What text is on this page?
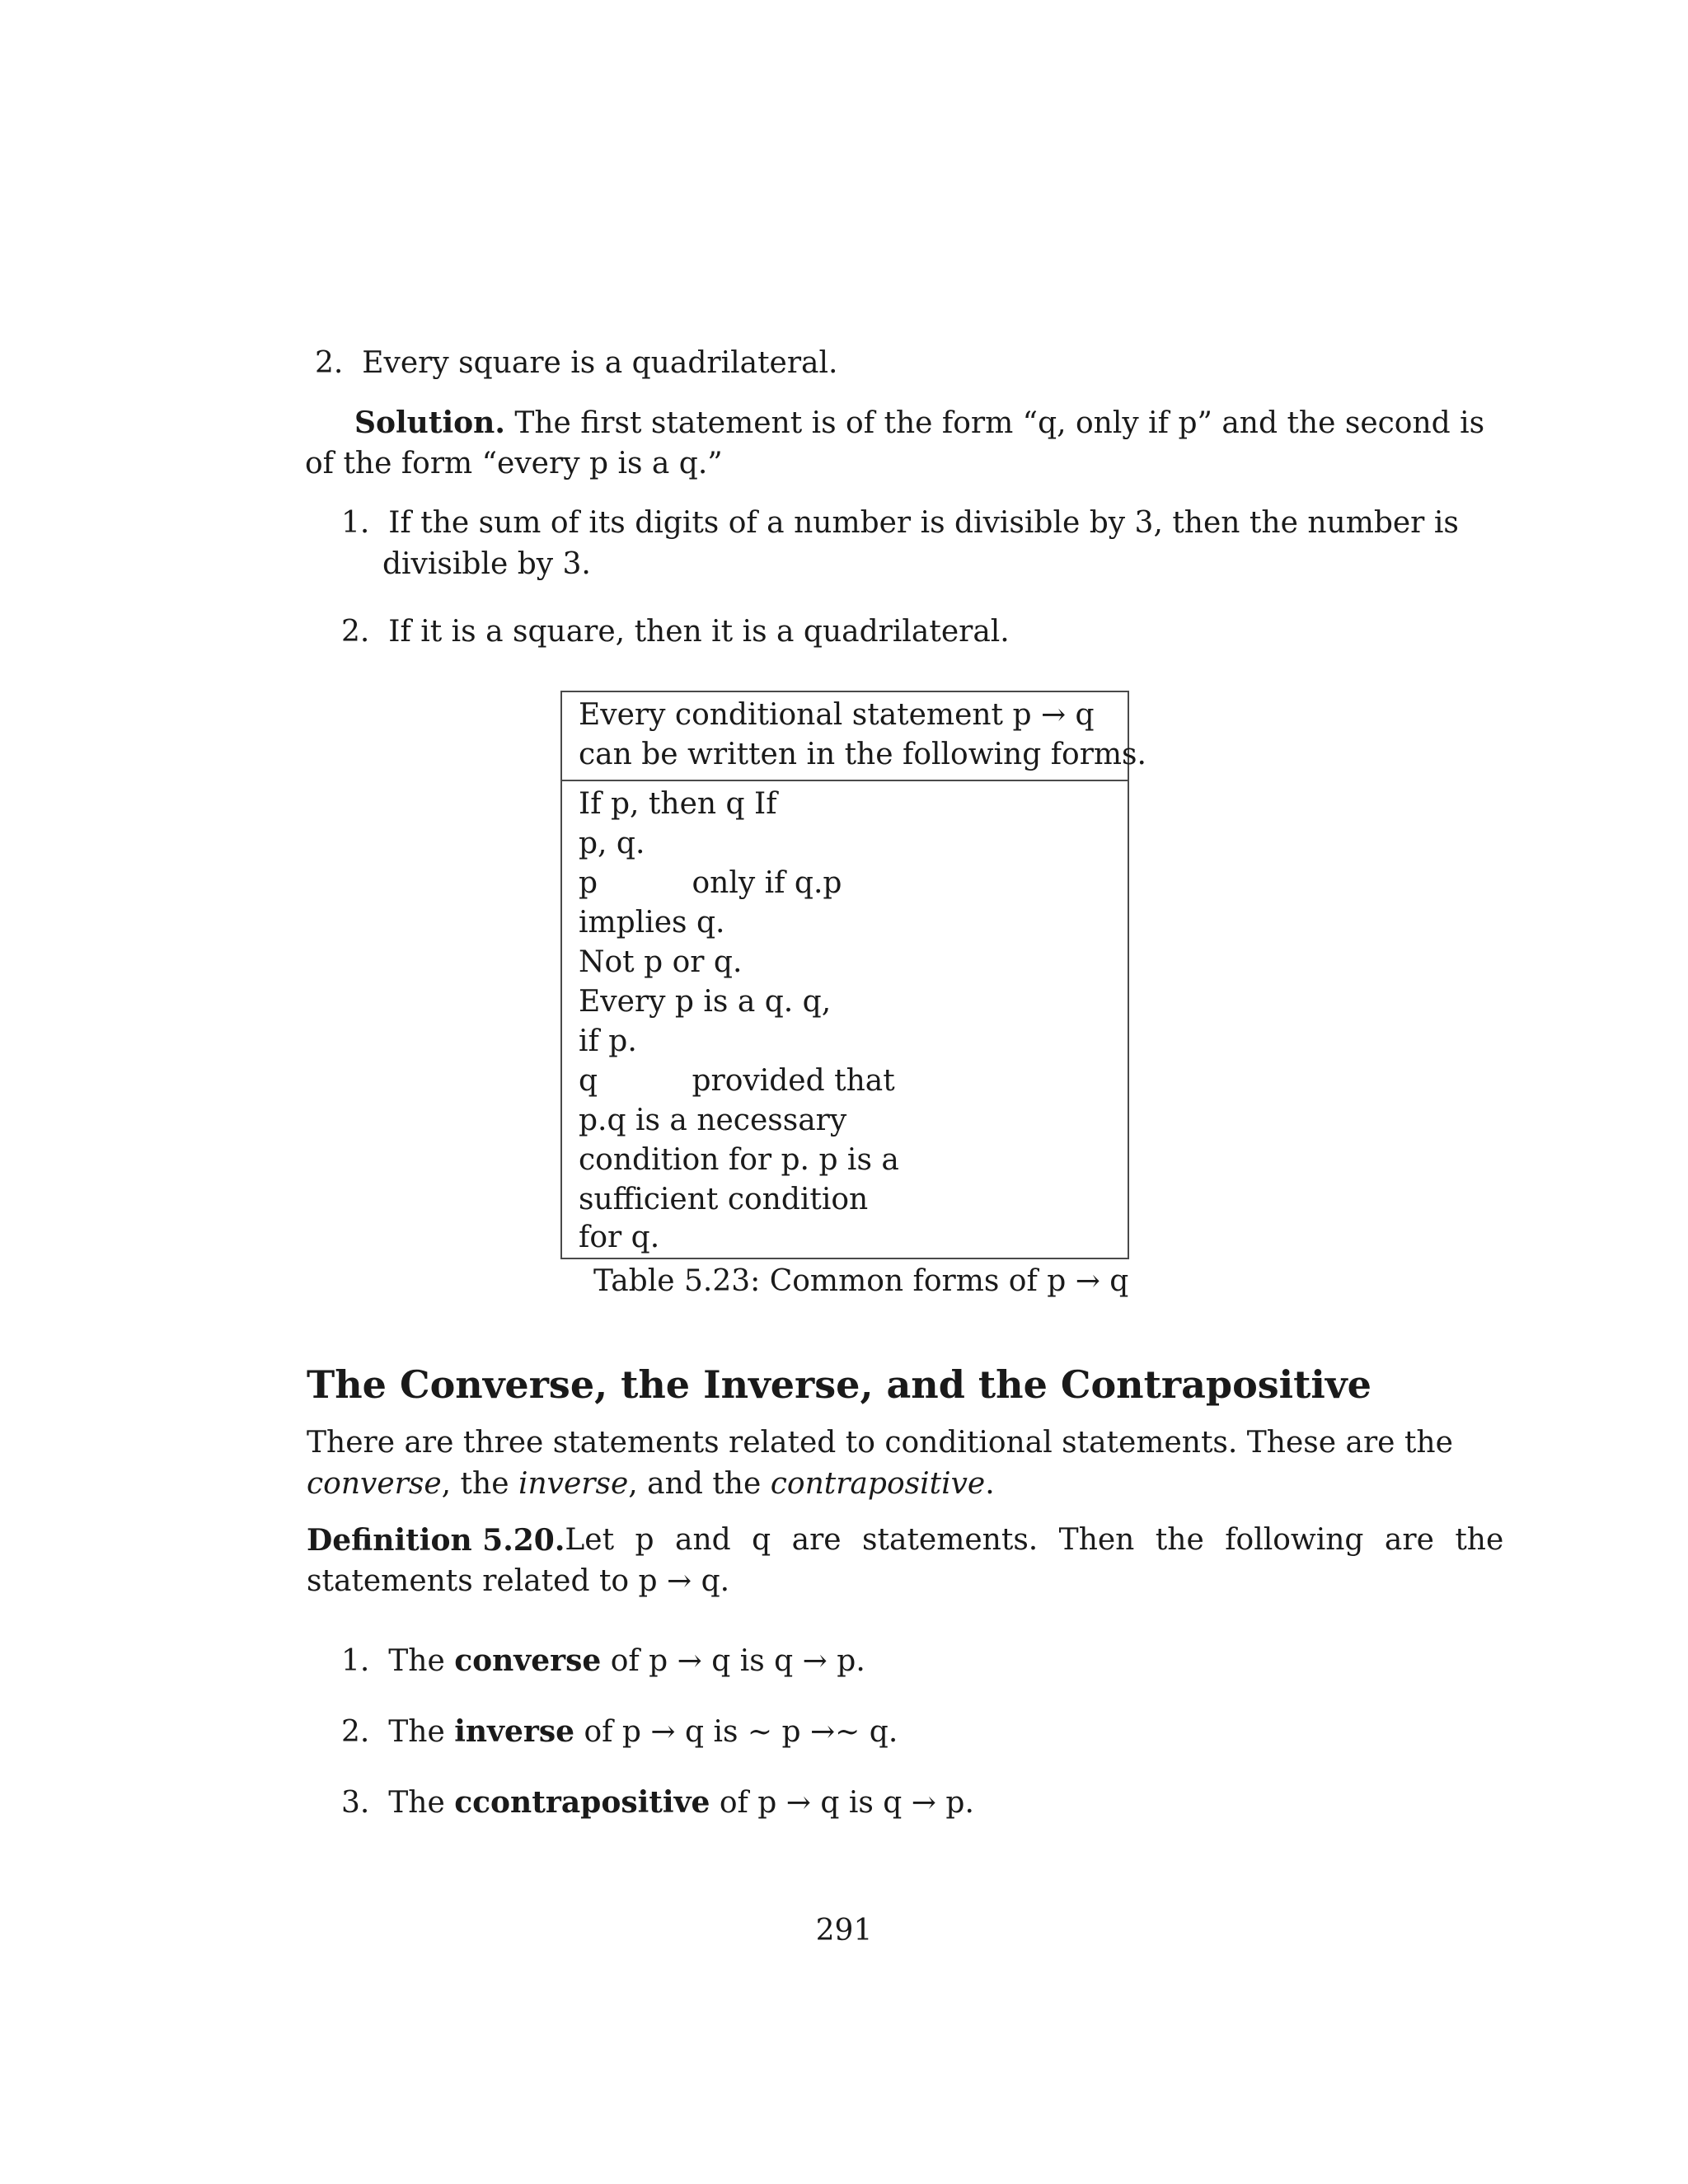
2. Every square is a quadrilateral.
Solution. The first statement is of the form “q, only if p” and the second is
of the form “every p is a q.”
1. If the sum of its digits of a number is divisible by 3, then the number is
divisible by 3.
2. If it is a square, then it is a quadrilateral.
Every conditional statement p → q
can be written in the following forms.
If p, then q If
p, q.
p          only if q.p
implies q.
Not p or q.
Every p is a q. q,
if p.
q          provided that
p.q is a necessary
condition for p. p is a
sufficient condition
for q.
Table 5.23: Common forms of p → q
The Converse, the Inverse, and the Contrapositive
There are three statements related to conditional statements. These are the
converse, the inverse, and the contrapositive.
Definition 5.20. Let p and q are statements. Then the following are the
statements related to p → q.
1. The converse of p → q is q → p.
2. The inverse of p → q is ∼ p →∼ q.
3. The ccontrapositive of p → q is q → p.
291
